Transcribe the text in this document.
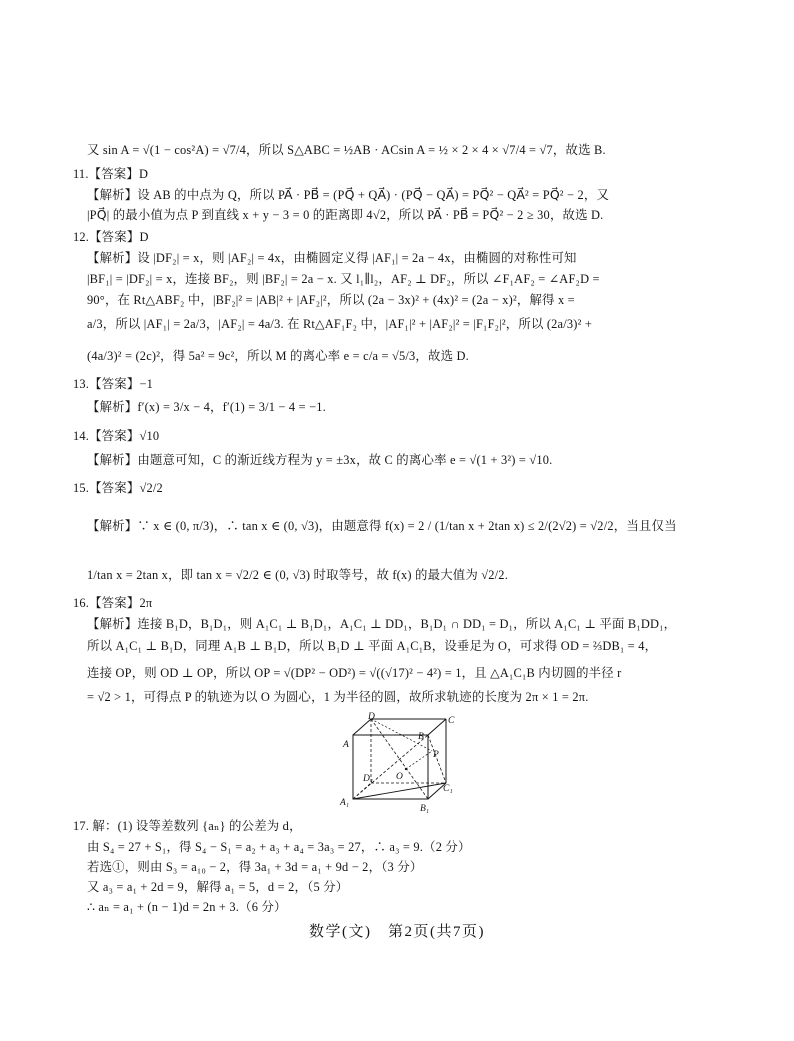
又 sin A = √(1 − cos²A) = √7/4，所以 S△ABC = ½AB · ACsin A = ½ × 2 × 4 × √7/4 = √7，故选 B.
11.【答案】D
【解析】设 AB 的中点为 Q，所以 PA⃗ · PB⃗ = (PQ⃗ + QA⃗) · (PQ⃗ − QA⃗) = PQ⃗² − QA⃗² = PQ⃗² − 2，又
|PQ⃗| 的最小值为点 P 到直线 x + y − 3 = 0 的距离即 4√2，所以 PA⃗ · PB⃗ = PQ⃗² − 2 ≥ 30，故选 D.
12.【答案】D
【解析】设 |DF₂| = x，则 |AF₂| = 4x，由椭圆定义得 |AF₁| = 2a − 4x，由椭圆的对称性可知
|BF₁| = |DF₂| = x，连接 BF₂，则 |BF₂| = 2a − x. 又 l₁∥l₂，AF₂ ⊥ DF₂，所以 ∠F₁AF₂ = ∠AF₂D =
90°，在 Rt△ABF₂ 中，|BF₂|² = |AB|² + |AF₂|²，所以 (2a − 3x)² + (4x)² = (2a − x)²，解得 x =
a/3，所以 |AF₁| = 2a/3，|AF₂| = 4a/3. 在 Rt△AF₁F₂ 中，|AF₁|² + |AF₂|² = |F₁F₂|²，所以 (2a/3)² +
(4a/3)² = (2c)²，得 5a² = 9c²，所以 M 的离心率 e = c/a = √5/3，故选 D.
13.【答案】−1
【解析】f′(x) = 3/x − 4，f′(1) = 3/1 − 4 = −1.
14.【答案】√10
【解析】由题意可知，C 的渐近线方程为 y = ±3x，故 C 的离心率 e = √(1 + 3²) = √10.
15.【答案】√2/2
【解析】∵ x ∈ (0, π/3)，∴ tan x ∈ (0, √3)，由题意得 f(x) = 2 / (1/tan x + 2tan x) ≤ 2/(2√2) = √2/2，当且仅当
1/tan x = 2tan x，即 tan x = √2/2 ∈ (0, √3) 时取等号，故 f(x) 的最大值为 √2/2.
16.【答案】2π
【解析】连接 B₁D，B₁D₁，则 A₁C₁ ⊥ B₁D₁，A₁C₁ ⊥ DD₁，B₁D₁ ∩ DD₁ = D₁，所以 A₁C₁ ⊥ 平面 B₁DD₁，
所以 A₁C₁ ⊥ B₁D，同理 A₁B ⊥ B₁D，所以 B₁D ⊥ 平面 A₁C₁B，设垂足为 O，可求得 OD = ⅔DB₁ = 4，
连接 OP，则 OD ⊥ OP，所以 OP = √(DP² − OD²) = √((√17)² − 4²) = 1，且 △A₁C₁B 内切圆的半径 r
= √2 > 1，可得点 P 的轨迹为以 O 为圆心，1 为半径的圆，故所求轨迹的长度为 2π × 1 = 2π.
D	C
A
B
P
D₁ O
C₁
A₁
B₁
17. 解：(1) 设等差数列 {aₙ} 的公差为 d，
由 S₄ = 27 + S₁，得 S₄ − S₁ = a₂ + a₃ + a₄ = 3a₃ = 27，∴ a₃ = 9.（2 分）
若选①，则由 S₃ = a₁₀ − 2，得 3a₁ + 3d = a₁ + 9d − 2，（3 分）
又 a₃ = a₁ + 2d = 9，解得 a₁ = 5，d = 2，（5 分）
∴ aₙ = a₁ + (n − 1)d = 2n + 3.（6 分）
数学(文)　第2页(共7页)
